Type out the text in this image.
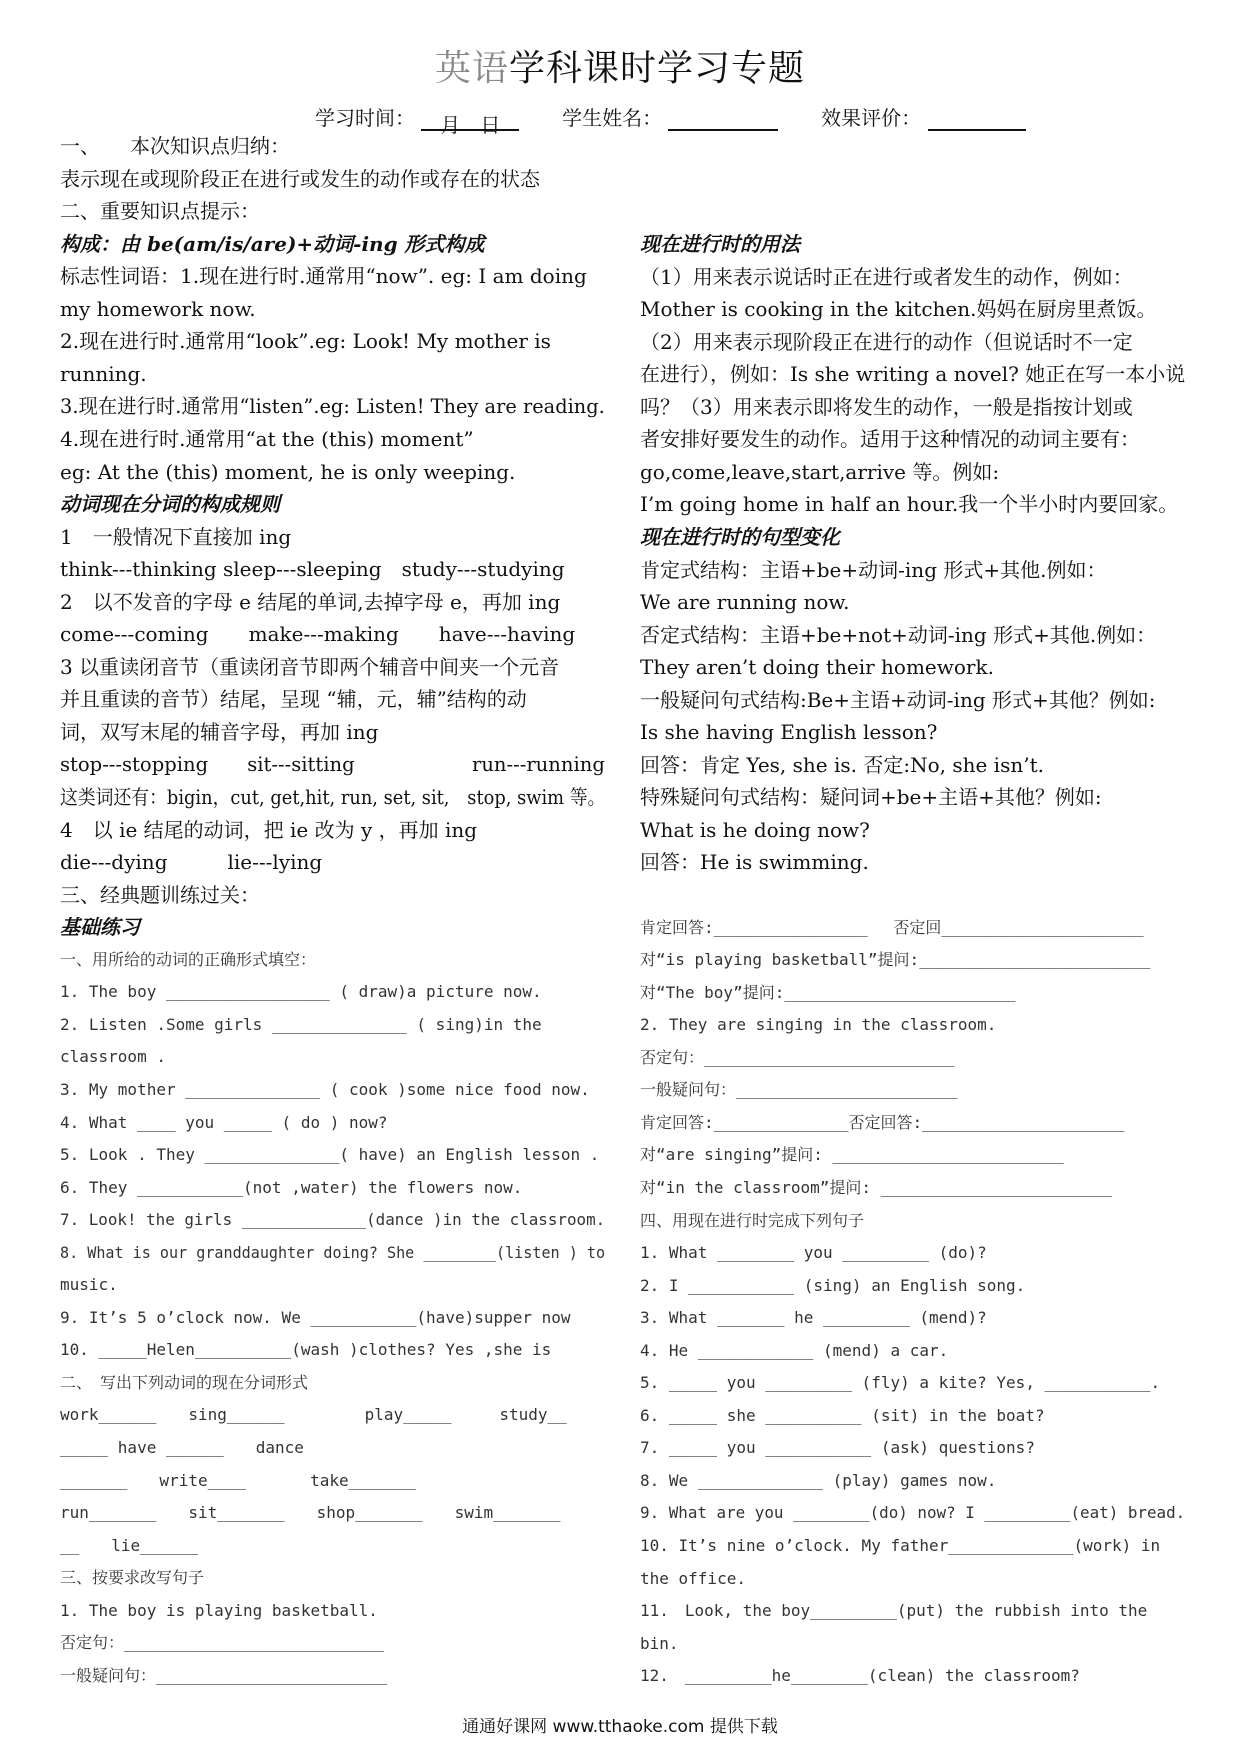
英语学科课时学习专题
学习时间： 月　日	学生姓名：	效果评价：
一、　　本次知识点归纳：
表示现在或现阶段正在进行或发生的动作或存在的状态
二、重要知识点提示：
构成：由 be(am/is/are)+动词-ing 形式构成
标志性词语：1.现在进行时.通常用“now”. eg: I am doing
my homework now.
2.现在进行时.通常用“look”.eg: Look! My mother is
running.
3.现在进行时.通常用“listen”.eg: Listen! They are reading.
4.现在进行时.通常用“at the (this) moment”
eg: At the (this) moment, he is only weeping.
动词现在分词的构成规则
1　一般情况下直接加 ing
think---thinking sleep---sleeping　study---studying
2　以不发音的字母 e 结尾的单词,去掉字母 e，再加 ing
come---coming　　make---making　　have---having
3 以重读闭音节（重读闭音节即两个辅音中间夹一个元音
并且重读的音节）结尾，呈现 “辅，元，辅”结构的动
词，双写末尾的辅音字母，再加 ing
stop---stopping　　sit---sitting　　　　　　run---running
这类词还有：bigin，cut, get,hit, run, set, sit,　stop, swim 等。
4　以 ie 结尾的动词，把 ie 改为 y ，再加 ing
die---dying　　　lie---lying
三、经典题训练过关：
基础练习
一、用所给的动词的正确形式填空：
1. The boy _________________ ( draw)a picture now.
2. Listen .Some girls ______________ ( sing)in the
classroom .
3. My mother ______________ ( cook )some nice food now.
4. What ____ you _____ ( do ) now?
5. Look . They ______________( have) an English lesson .
6. They ___________(not ,water) the flowers now.
7. Look! the girls _____________(dance )in the classroom.
8. What is our granddaughter doing? She ________(listen ) to
music.
9. It’s 5 o’clock now. We ___________(have)supper now
10. _____Helen__________(wash )clothes? Yes ,she is
二、　写出下列动词的现在分词形式
work______　　sing______　　　　　play_____　　　study__
_____ have ______　　dance
_______　　write____　　　　take_______
run_______　　sit_______　　shop_______　　swim_______
__　　lie______
三、按要求改写句子
1. The boy is playing basketball.
否定句：___________________________
一般疑问句：________________________
现在进行时的用法
（1）用来表示说话时正在进行或者发生的动作，例如：
Mother is cooking in the kitchen.妈妈在厨房里煮饭。
（2）用来表示现阶段正在进行的动作（但说话时不一定
在进行），例如：Is she writing a novel? 她正在写一本小说
吗？（3）用来表示即将发生的动作，一般是指按计划或
者安排好要发生的动作。适用于这种情况的动词主要有：
go,come,leave,start,arrive 等。例如:
I’m going home in half an hour.我一个半小时内要回家。
现在进行时的句型变化
肯定式结构：主语+be+动词-ing 形式+其他.例如：
We are running now.
否定式结构：主语+be+not+动词-ing 形式+其他.例如：
They aren’t doing their homework.
一般疑问句式结构:Be+主语+动词-ing 形式+其他？例如:
Is she having English lesson?
回答：肯定 Yes, she is. 否定:No, she isn’t.
特殊疑问句式结构：疑问词+be+主语+其他？例如:
What is he doing now?
回答：He is swimming.
肯定回答:________________　 否定回_____________________
对“is playing basketball”提问:________________________
对“The boy”提问:________________________
2. They are singing in the classroom.
否定句：__________________________
一般疑问句：_______________________
肯定回答:______________否定回答:_____________________
对“are singing”提问: ________________________
对“in the classroom”提问: ________________________
四、用现在进行时完成下列句子
1. What ________ you _________ (do)?
2. I ___________ (sing) an English song.
3. What _______ he _________ (mend)?
4. He ____________ (mend) a car.
5. _____ you _________ (fly) a kite? Yes, ___________.
6. _____ she __________ (sit) in the boat?
7. _____ you ___________ (ask) questions?
8. We _____________ (play) games now.
9. What are you ________(do) now? I _________(eat) bread.
10. It’s nine o’clock. My father_____________(work) in
the office.
11.　Look, the boy_________(put) the rubbish into the
bin.
12.　_________he________(clean) the classroom?
通通好课网 www.tthaoke.com 提供下载
